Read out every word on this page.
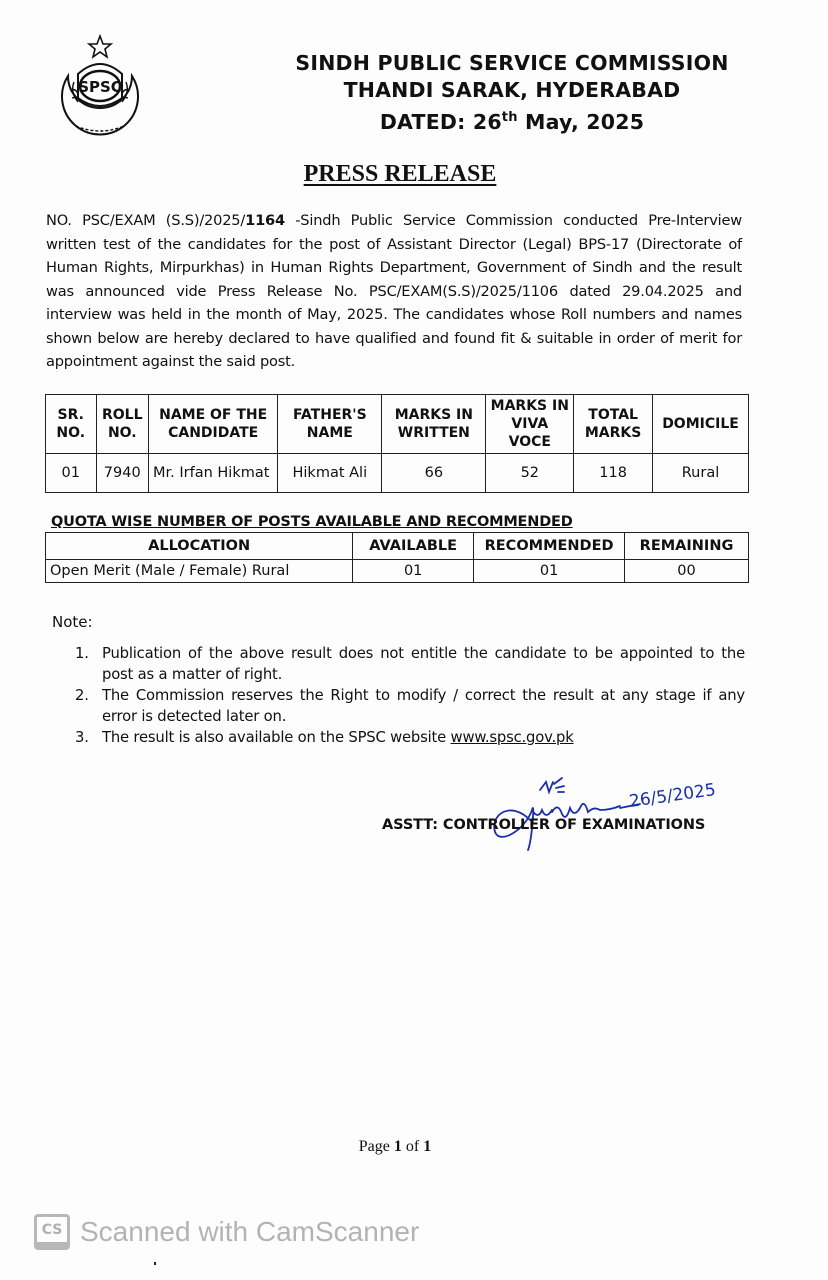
SPSC
SINDH PUBLIC SERVICE COMMISSION
THANDI SARAK, HYDERABAD
DATED: 26th May, 2025
PRESS RELEASE
NO. PSC/EXAM (S.S)/2025/1164 -Sindh Public Service Commission conducted Pre-Interview written test of the candidates for the post of Assistant Director (Legal) BPS-17 (Directorate of Human Rights, Mirpurkhas) in Human Rights Department, Government of Sindh and the result was announced vide Press Release No. PSC/EXAM(S.S)/2025/1106 dated 29.04.2025 and interview was held in the month of May, 2025. The candidates whose Roll numbers and names shown below are hereby declared to have qualified and found fit & suitable in order of merit for appointment against the said post.
SR. NO.	ROLL NO.	NAME OF THE CANDIDATE	FATHER'S NAME	MARKS IN WRITTEN	MARKS IN VIVA VOCE	TOTAL MARKS	DOMICILE
01	7940	Mr. Irfan Hikmat	Hikmat Ali	66	52	118	Rural
QUOTA WISE NUMBER OF POSTS AVAILABLE AND RECOMMENDED
ALLOCATION	AVAILABLE	RECOMMENDED	REMAINING
Open Merit (Male / Female) Rural	01	01	00
Note:
1. Publication of the above result does not entitle the candidate to be appointed to the post as a matter of right.
2. The Commission reserves the Right to modify / correct the result at any stage if any error is detected later on.
3. The result is also available on the SPSC website www.spsc.gov.pk
26/5/2025
ASSTT: CONTROLLER OF EXAMINATIONS
Page 1 of 1
CS Scanned with CamScanner
